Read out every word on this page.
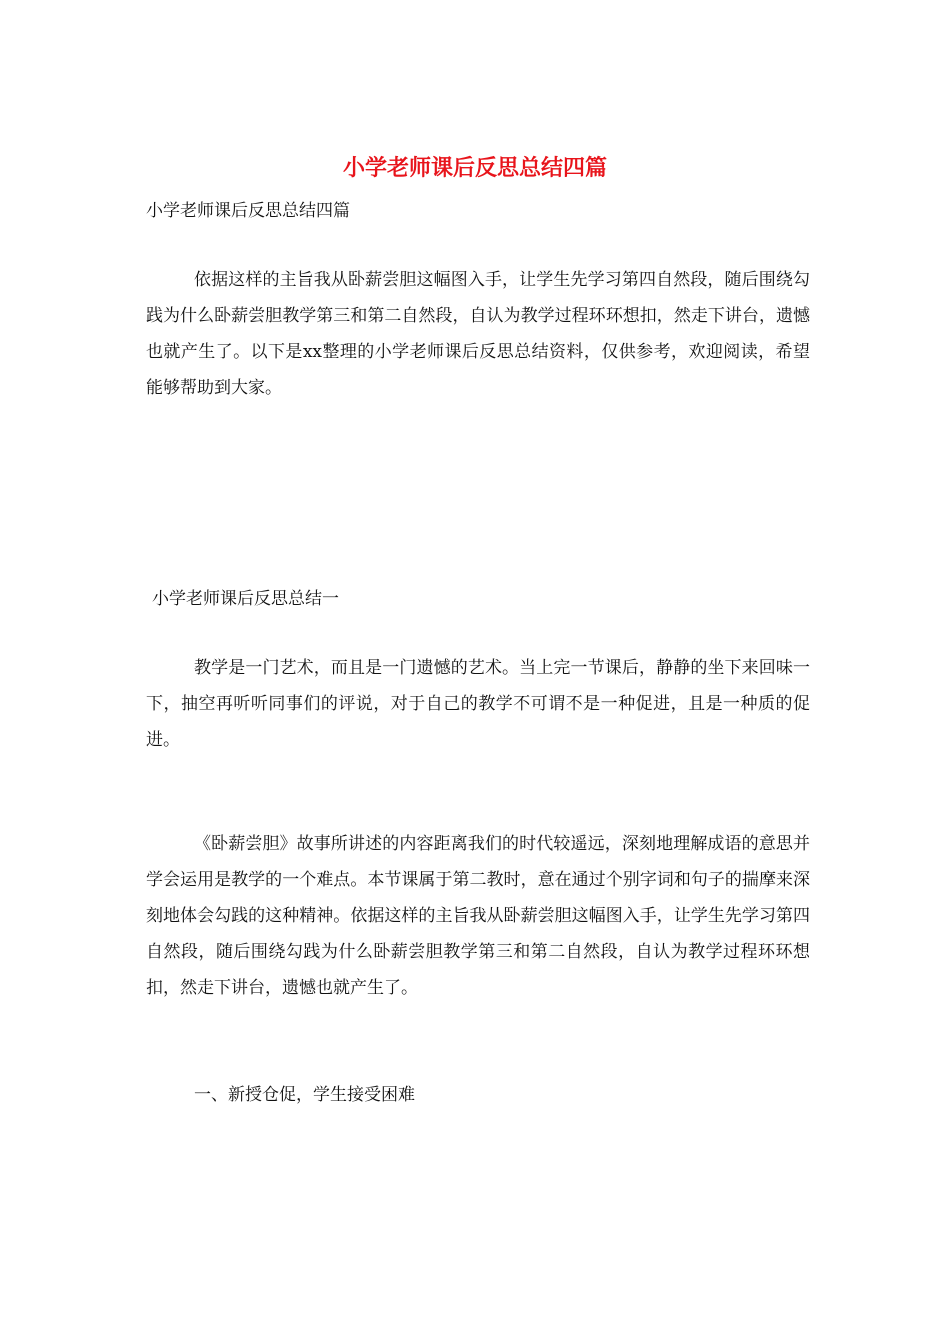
小学老师课后反思总结四篇

小学老师课后反思总结四篇

依据这样的主旨我从卧薪尝胆这幅图入手，让学生先学习第四自然段，随后围绕勾践为什么卧薪尝胆教学第三和第二自然段，自认为教学过程环环想扣，然走下讲台，遗憾也就产生了。以下是xx整理的小学老师课后反思总结资料，仅供参考，欢迎阅读，希望能够帮助到大家。

小学老师课后反思总结一

教学是一门艺术，而且是一门遗憾的艺术。当上完一节课后，静静的坐下来回味一下，抽空再听听同事们的评说，对于自己的教学不可谓不是一种促进，且是一种质的促进。

《卧薪尝胆》故事所讲述的内容距离我们的时代较遥远，深刻地理解成语的意思并学会运用是教学的一个难点。本节课属于第二教时，意在通过个别字词和句子的揣摩来深刻地体会勾践的这种精神。依据这样的主旨我从卧薪尝胆这幅图入手，让学生先学习第四自然段，随后围绕勾践为什么卧薪尝胆教学第三和第二自然段，自认为教学过程环环想扣，然走下讲台，遗憾也就产生了。

一、新授仓促，学生接受困难
